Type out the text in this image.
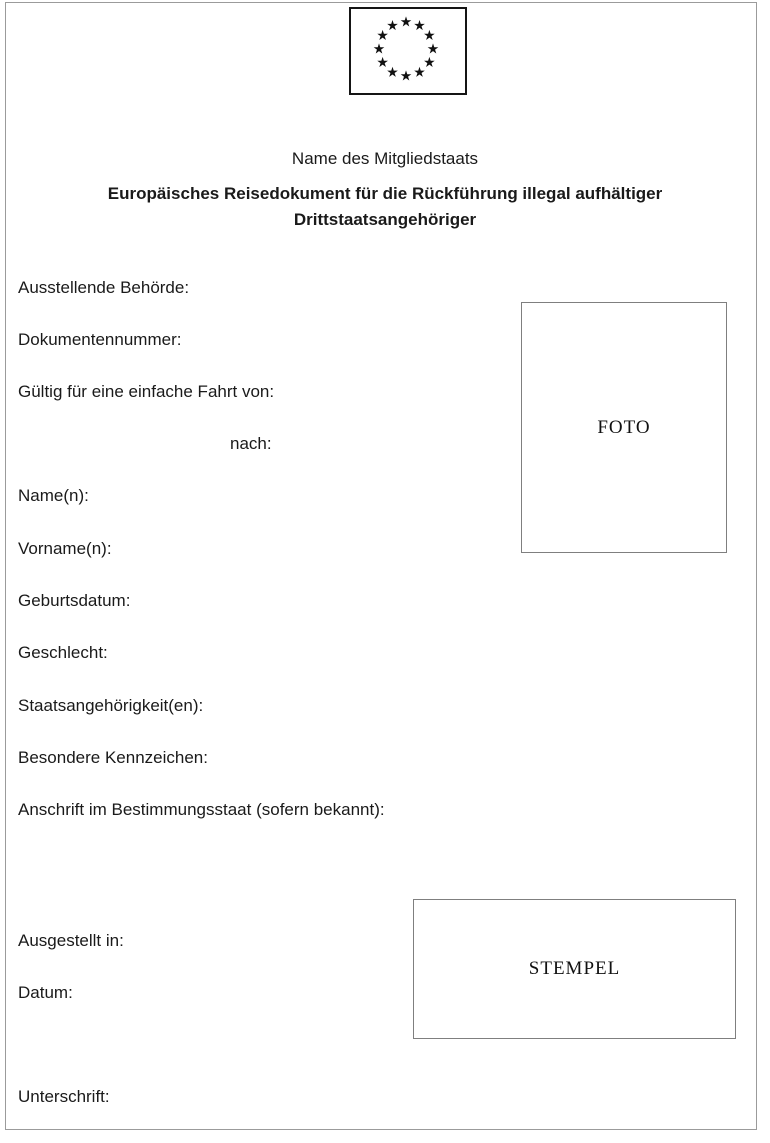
Name des Mitgliedstaats
Europäisches Reisedokument für die Rückführung illegal aufhältiger
Drittstaatsangehöriger
Ausstellende Behörde:
Dokumentennummer:
Gültig für eine einfache Fahrt von:
nach:
Name(n):
Vorname(n):
Geburtsdatum:
Geschlecht:
Staatsangehörigkeit(en):
Besondere Kennzeichen:
Anschrift im Bestimmungsstaat (sofern bekannt):
Ausgestellt in:
Datum:
Unterschrift:
FOTO
STEMPEL
